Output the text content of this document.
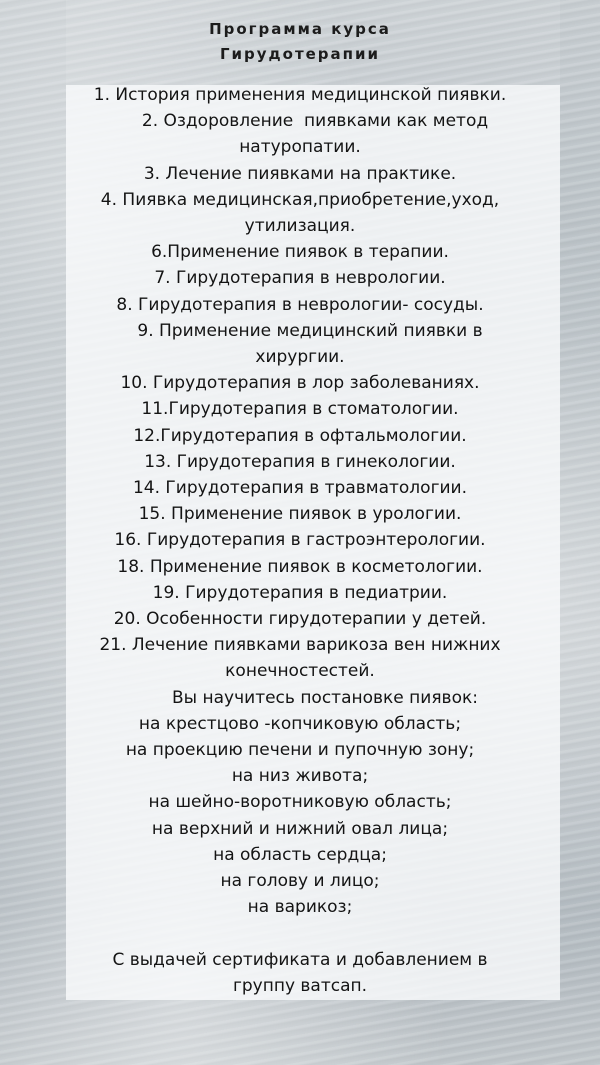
Программа курса
Гирудотерапии
1. История применения медицинской пиявки.
2. Оздоровление  пиявками как метод
натуропатии.
3. Лечение пиявками на практике.
4. Пиявка медицинская,приобретение,уход,
утилизация.
6.Применение пиявок в терапии.
7. Гирудотерапия в неврологии.
8. Гирудотерапия в неврологии- сосуды.
9. Применение медицинский пиявки в
хирургии.
10. Гирудотерапия в лор заболеваниях.
11.Гирудотерапия в стоматологии.
12.Гирудотерапия в офтальмологии.
13. Гирудотерапия в гинекологии.
14. Гирудотерапия в травматологии.
15. Применение пиявок в урологии.
16. Гирудотерапия в гастроэнтерологии.
18. Применение пиявок в косметологии.
19. Гирудотерапия в педиатрии.
20. Особенности гирудотерапии у детей.
21. Лечение пиявками варикоза вен нижних
конечностестей.
Вы научитесь постановке пиявок:
на крестцово -копчиковую область;
на проекцию печени и пупочную зону;
на низ живота;
на шейно-воротниковую область;
на верхний и нижний овал лица;
на область сердца;
на голову и лицо;
на варикоз;
С выдачей сертификата и добавлением в
группу ватсап.
